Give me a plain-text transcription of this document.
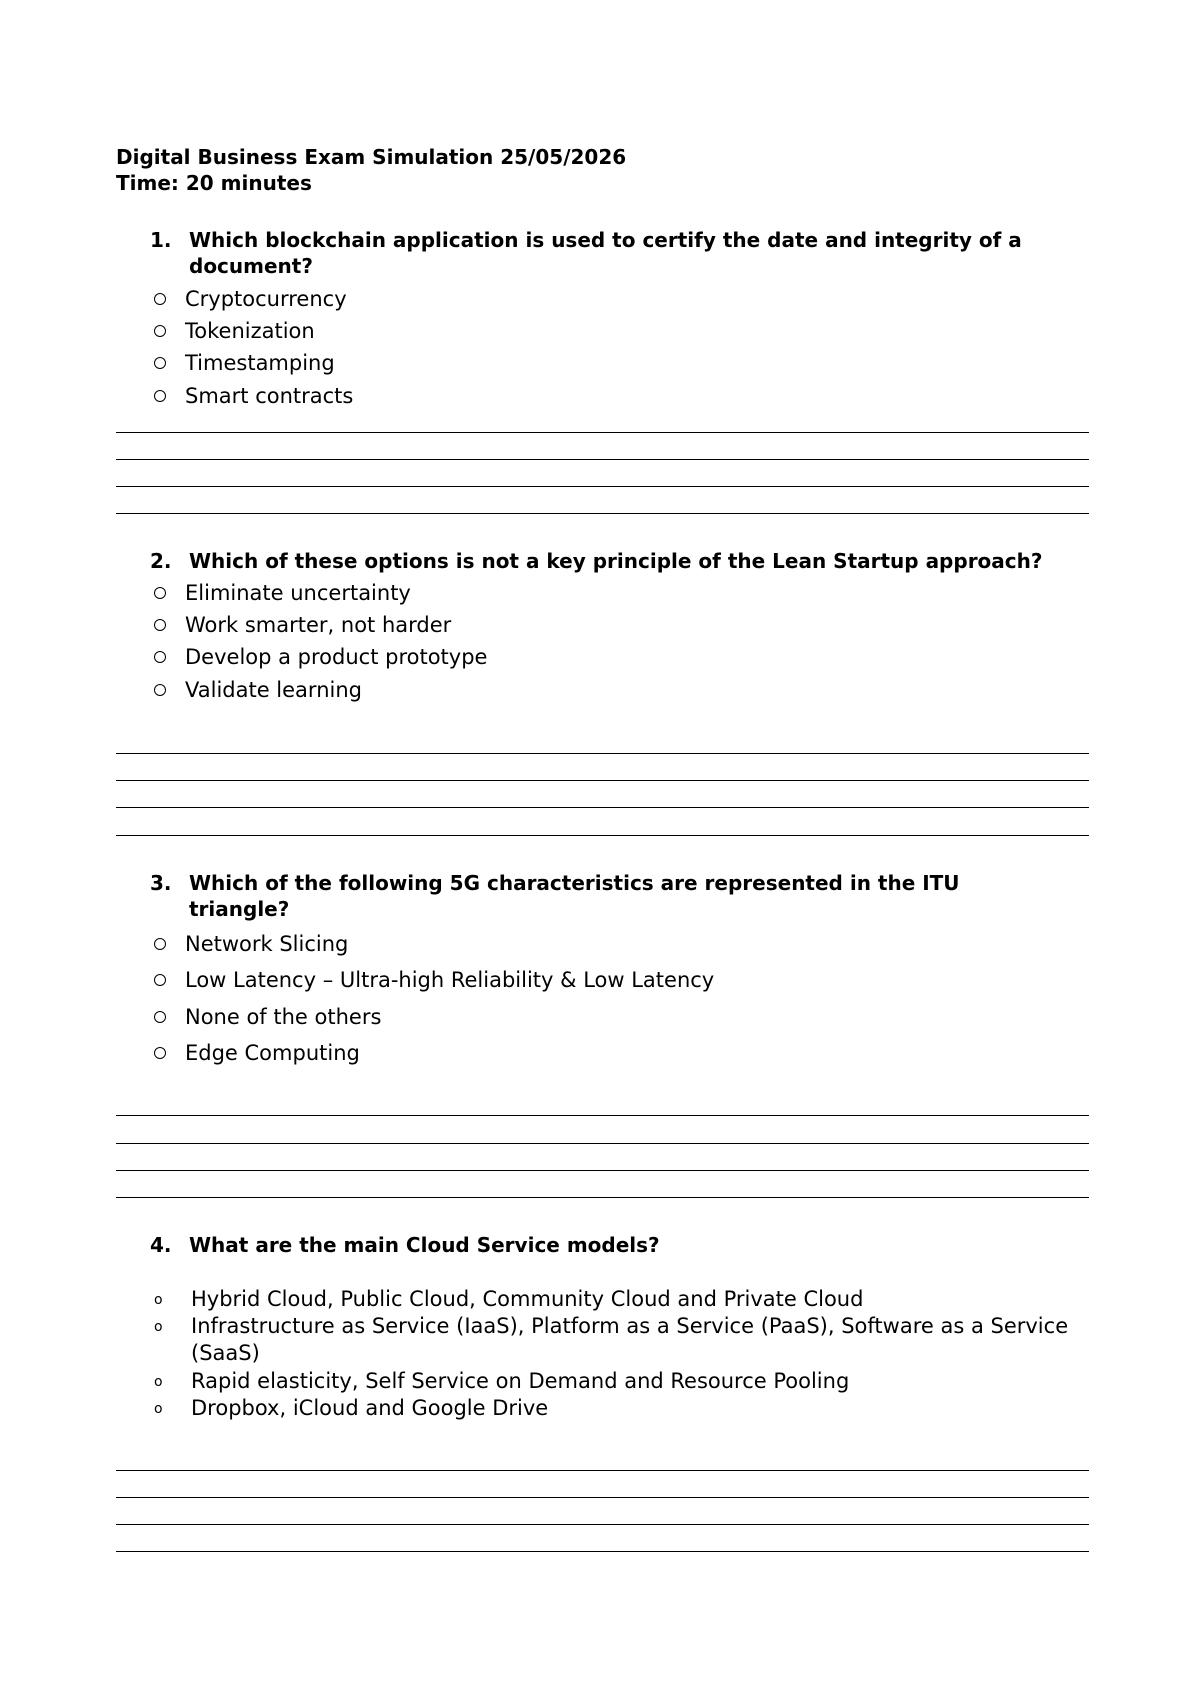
Digital Business Exam Simulation 25/05/2026
Time: 20 minutes
1. Which blockchain application is used to certify the date and integrity of a document?
Cryptocurrency
Tokenization
Timestamping
Smart contracts
2. Which of these options is not a key principle of the Lean Startup approach?
Eliminate uncertainty
Work smarter, not harder
Develop a product prototype
Validate learning
3. Which of the following 5G characteristics are represented in the ITU triangle?
Network Slicing
Low Latency – Ultra-high Reliability & Low Latency
None of the others
Edge Computing
4. What are the main Cloud Service models?
o	Hybrid Cloud, Public Cloud, Community Cloud and Private Cloud
o	Infrastructure as Service (IaaS), Platform as a Service (PaaS), Software as a Service (SaaS)
o	Rapid elasticity, Self Service on Demand and Resource Pooling
o	Dropbox, iCloud and Google Drive
